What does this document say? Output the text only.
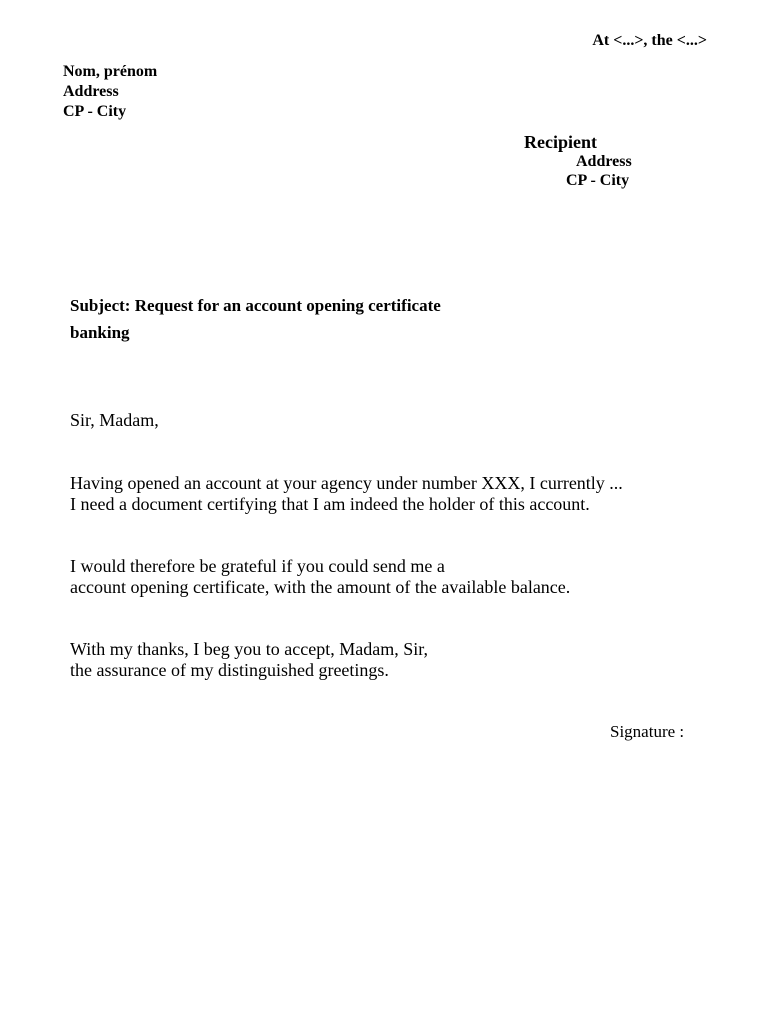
At <...>, the <...>
Nom, prénom
Address
CP - City
Recipient
Address
CP - City
Subject: Request for an account opening certificate
banking
Sir, Madam,
Having opened an account at your agency under number XXX, I currently ...
I need a document certifying that I am indeed the holder of this account.
I would therefore be grateful if you could send me a
account opening certificate, with the amount of the available balance.
With my thanks, I beg you to accept, Madam, Sir,
the assurance of my distinguished greetings.
Signature :
